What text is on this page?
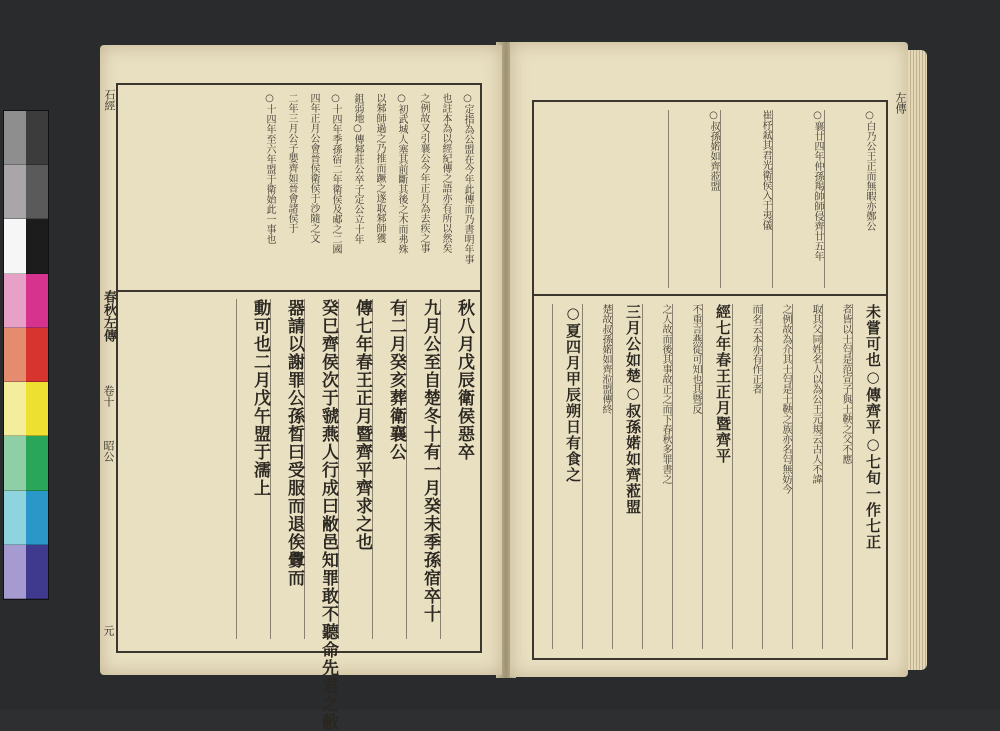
石經
春秋左傳
卷十
昭公
元
○定指為公盟在今年此傳而乃書明年事
也註本為以經紀傳之語亦有所以然矣
之例故又引襄公今年正月為去疾之事
○初武城人塞其前斷其後之木而弗殊
以邾師過之乃推而蹶之遂取邾師獲
鉏弱地○傳邾莊公卒子定公立十年
○十四年季孫宿二年衛侯及郕之二國
四年正月公會晉侯衛侯于沙隨之文
二年三月公子嬰齊如晉會諸侯于
○十四年至六年盟于衛始此一事也
秋八月戊辰衛侯惡卒
九月公至自楚冬十有一月癸未季孫宿卒十
有二月癸亥葬衛襄公
傳七年春王正月暨齊平齊求之也
癸巳齊侯次于虢燕人行成曰敝邑知罪敢不聽命先君之敝
器請以謝罪公孫晳曰受服而退俟釁而
動可也二月戊午盟于濡上
左傳
○白乃公王正而無暇亦鄭公
○襄廿四年仲孫羯帥師侵齊廿五年
崔杼弒其君光衛侯入于夷儀
○叔孫婼如齊蒞盟
未嘗可也○傳齊平○七旬一作七正
者皆以士匄是范宣子與士鞅之父不應
取其父同姓名人以為公王元規云古人不諱
之例故為介其士匄是士鞅之族亦名匄無妨今
而名云本亦有作正者
經七年春王正月暨齊平
不重言燕從可知也其暨反
之人故而後其事故正之而下春秋多罪書之
三月公如楚○叔孫婼如齊蒞盟
楚故叔孫婼如齊涖盟傳終
○夏四月甲辰朔日有食之
